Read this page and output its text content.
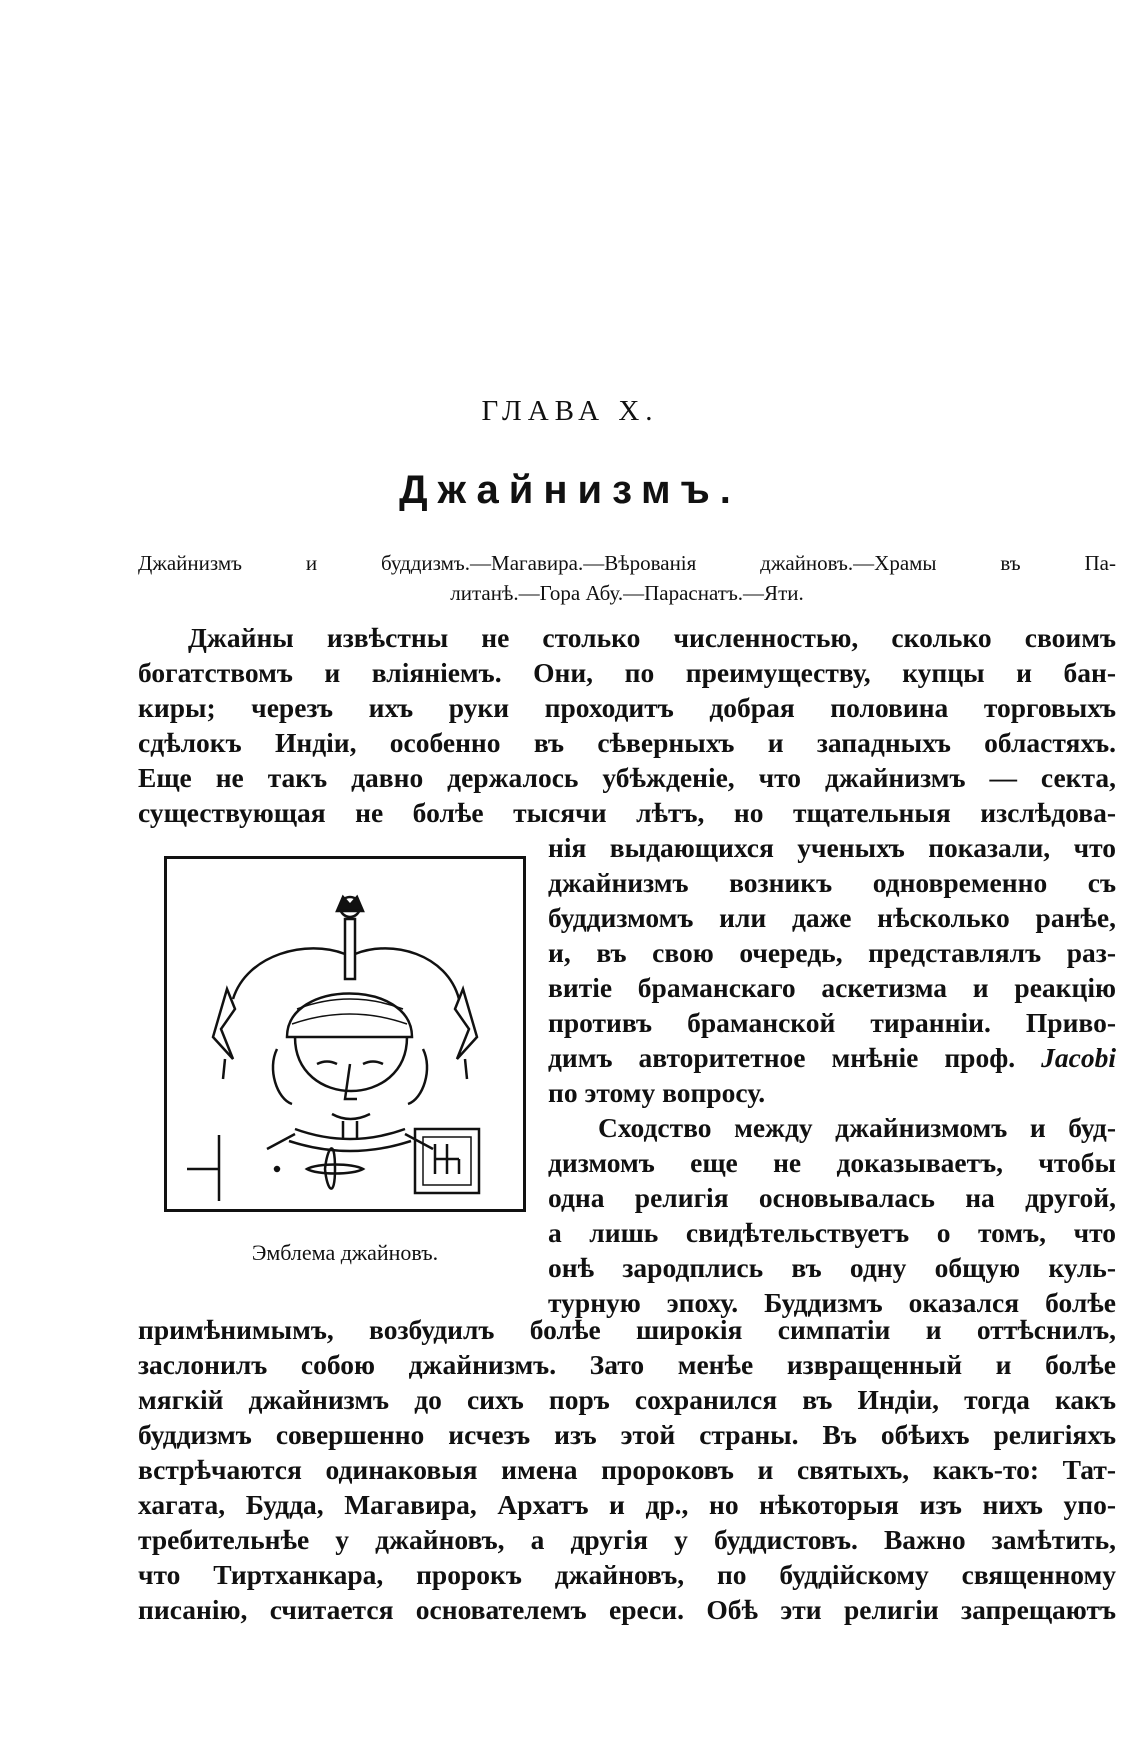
ГЛАВА X.
Джайнизмъ.
Джайнизмъ и буддизмъ.—Магавира.—Вѣрованія джайновъ.—Храмы въ Па-
литанѣ.—Гора Абу.—Параснатъ.—Яти.
Джайны извѣстны не столько численностью, сколько своимъ
богатствомъ и вліяніемъ. Они, по преимуществу, купцы и бан-
киры; черезъ ихъ руки проходитъ добрая половина торговыхъ
сдѣлокъ Индіи, особенно въ сѣверныхъ и западныхъ областяхъ.
Еще не такъ давно держалось убѣжденіе, что джайнизмъ — секта,
существующая не болѣе тысячи лѣтъ, но тщательныя изслѣдова-
нія выдающихся ученыхъ показали, что
джайнизмъ возникъ одновременно съ
буддизмомъ или даже нѣсколько ранѣе,
и, въ свою очередь, представлялъ раз-
витіе браманскаго аскетизма и реакцію
противъ браманской тиранніи. Приво-
димъ авторитетное мнѣніе проф. Jacobi
по этому вопросу.
Сходство между джайнизмомъ и буд-
дизмомъ еще не доказываетъ, чтобы
одна религія основывалась на другой,
а лишь свидѣтельствуетъ о томъ, что
онѣ зародплись въ одну общую куль-
турную эпоху. Буддизмъ оказался болѣе
Эмблема джайновъ.
примѣнимымъ, возбудилъ болѣе широкія симпатіи и оттѣснилъ,
заслонилъ собою джайнизмъ. Зато менѣе извращенный и болѣе
мягкій джайнизмъ до сихъ поръ сохранился въ Индіи, тогда какъ
буддизмъ совершенно исчезъ изъ этой страны. Въ обѣихъ религіяхъ
встрѣчаются одинаковыя имена пророковъ и святыхъ, какъ-то: Тат-
хагата, Будда, Магавира, Архатъ и др., но нѣкоторыя изъ нихъ упо-
требительнѣе у джайновъ, а другія у буддистовъ. Важно замѣтить,
что Тиртханкара, пророкъ джайновъ, по буддійскому священному
писанію, считается основателемъ ереси. Обѣ эти религіи запрещаютъ
